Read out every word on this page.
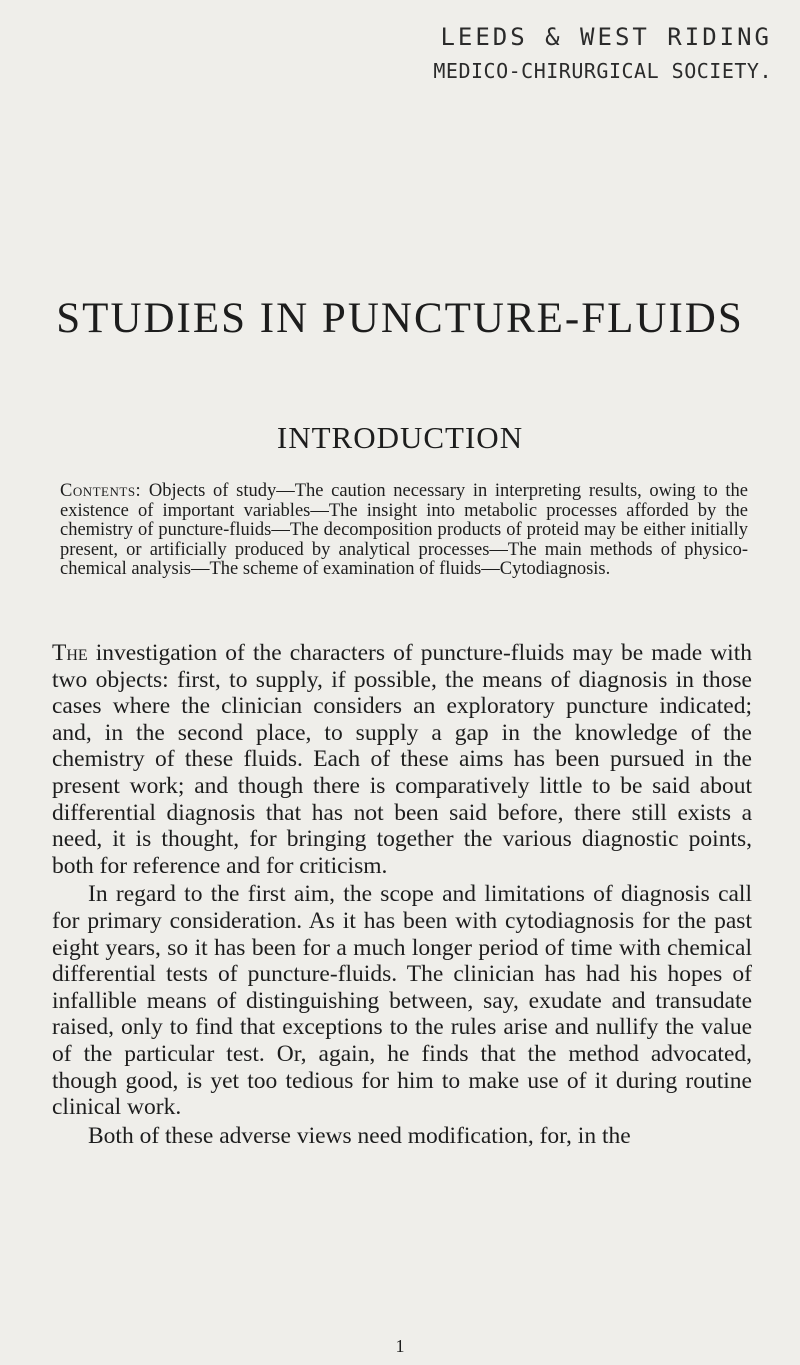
LEEDS & WEST RIDING
MEDICO-CHIRURGICAL SOCIETY.
STUDIES IN PUNCTURE-FLUIDS
INTRODUCTION
Contents: Objects of study—The caution necessary in interpreting results, owing to the existence of important variables—The insight into metabolic processes afforded by the chemistry of puncture-fluids—The decomposition products of proteid may be either initially present, or artificially produced by analytical processes—The main methods of physico-chemical analysis—The scheme of examination of fluids—Cytodiagnosis.

The investigation of the characters of puncture-fluids may be made with two objects: first, to supply, if possible, the means of diagnosis in those cases where the clinician considers an exploratory puncture indicated; and, in the second place, to supply a gap in the knowledge of the chemistry of these fluids. Each of these aims has been pursued in the present work; and though there is comparatively little to be said about differential diagnosis that has not been said before, there still exists a need, it is thought, for bringing together the various diagnostic points, both for reference and for criticism.

In regard to the first aim, the scope and limitations of diagnosis call for primary consideration. As it has been with cytodiagnosis for the past eight years, so it has been for a much longer period of time with chemical differential tests of puncture-fluids. The clinician has had his hopes of infallible means of distinguishing between, say, exudate and transudate raised, only to find that exceptions to the rules arise and nullify the value of the particular test. Or, again, he finds that the method advocated, though good, is yet too tedious for him to make use of it during routine clinical work.

Both of these adverse views need modification, for, in the

1
